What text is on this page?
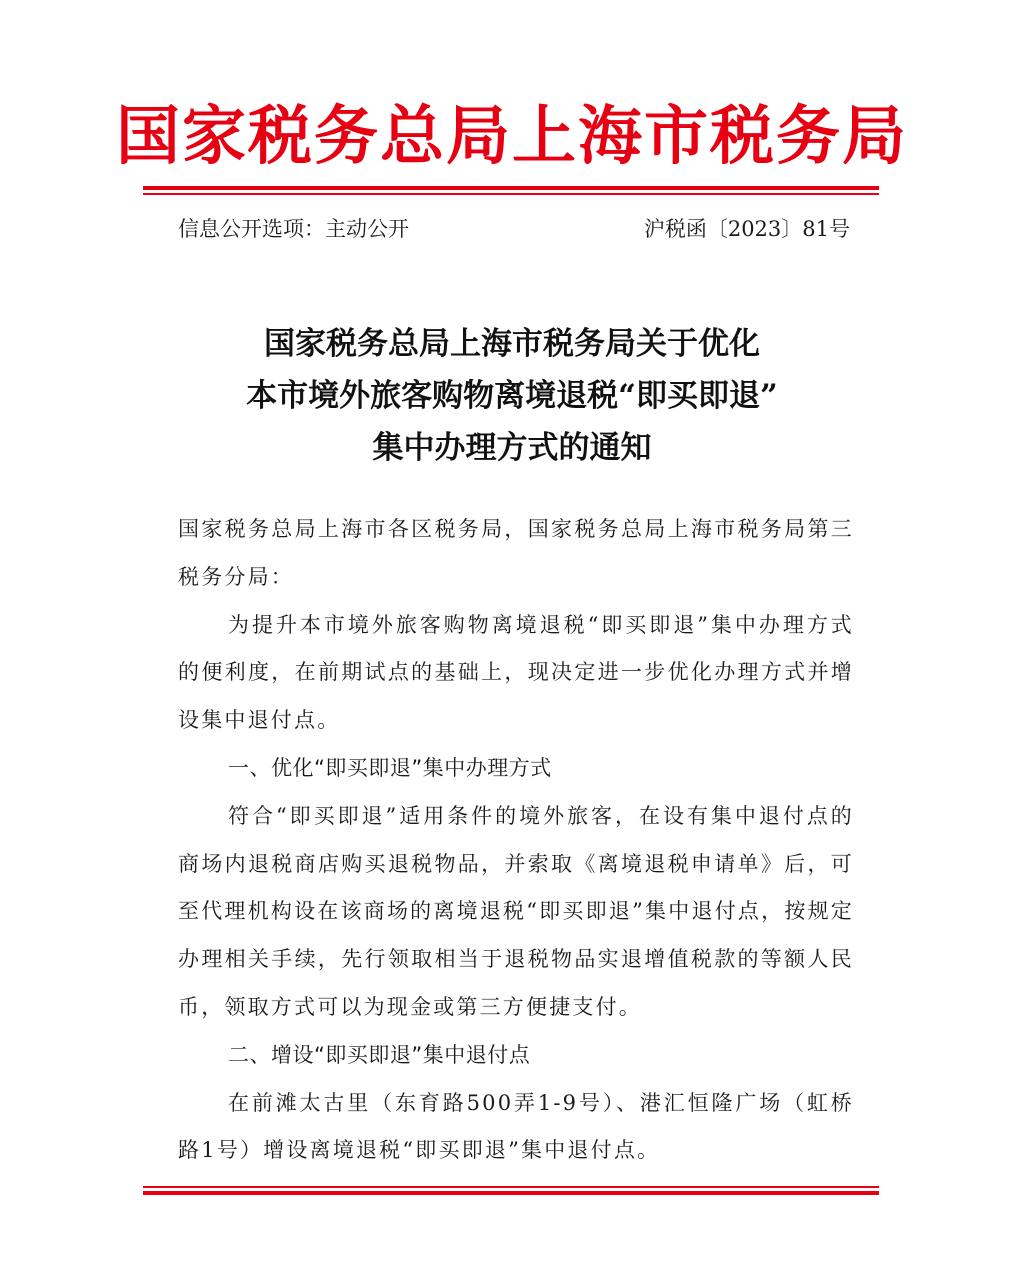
国家税务总局上海市税务局
信息公开选项：主动公开	沪税函〔2023〕81号
国家税务总局上海市税务局关于优化
本市境外旅客购物离境退税“即买即退”
集中办理方式的通知

国家税务总局上海市各区税务局，国家税务总局上海市税务局第三税务分局：

为提升本市境外旅客购物离境退税“即买即退”集中办理方式的便利度，在前期试点的基础上，现决定进一步优化办理方式并增设集中退付点。

一、优化“即买即退”集中办理方式

符合“即买即退”适用条件的境外旅客，在设有集中退付点的商场内退税商店购买退税物品，并索取《离境退税申请单》后，可至代理机构设在该商场的离境退税“即买即退”集中退付点，按规定办理相关手续，先行领取相当于退税物品实退增值税款的等额人民币，领取方式可以为现金或第三方便捷支付。

二、增设“即买即退”集中退付点

在前滩太古里（东育路500弄1-9号）、港汇恒隆广场（虹桥路1号）增设离境退税“即买即退”集中退付点。
